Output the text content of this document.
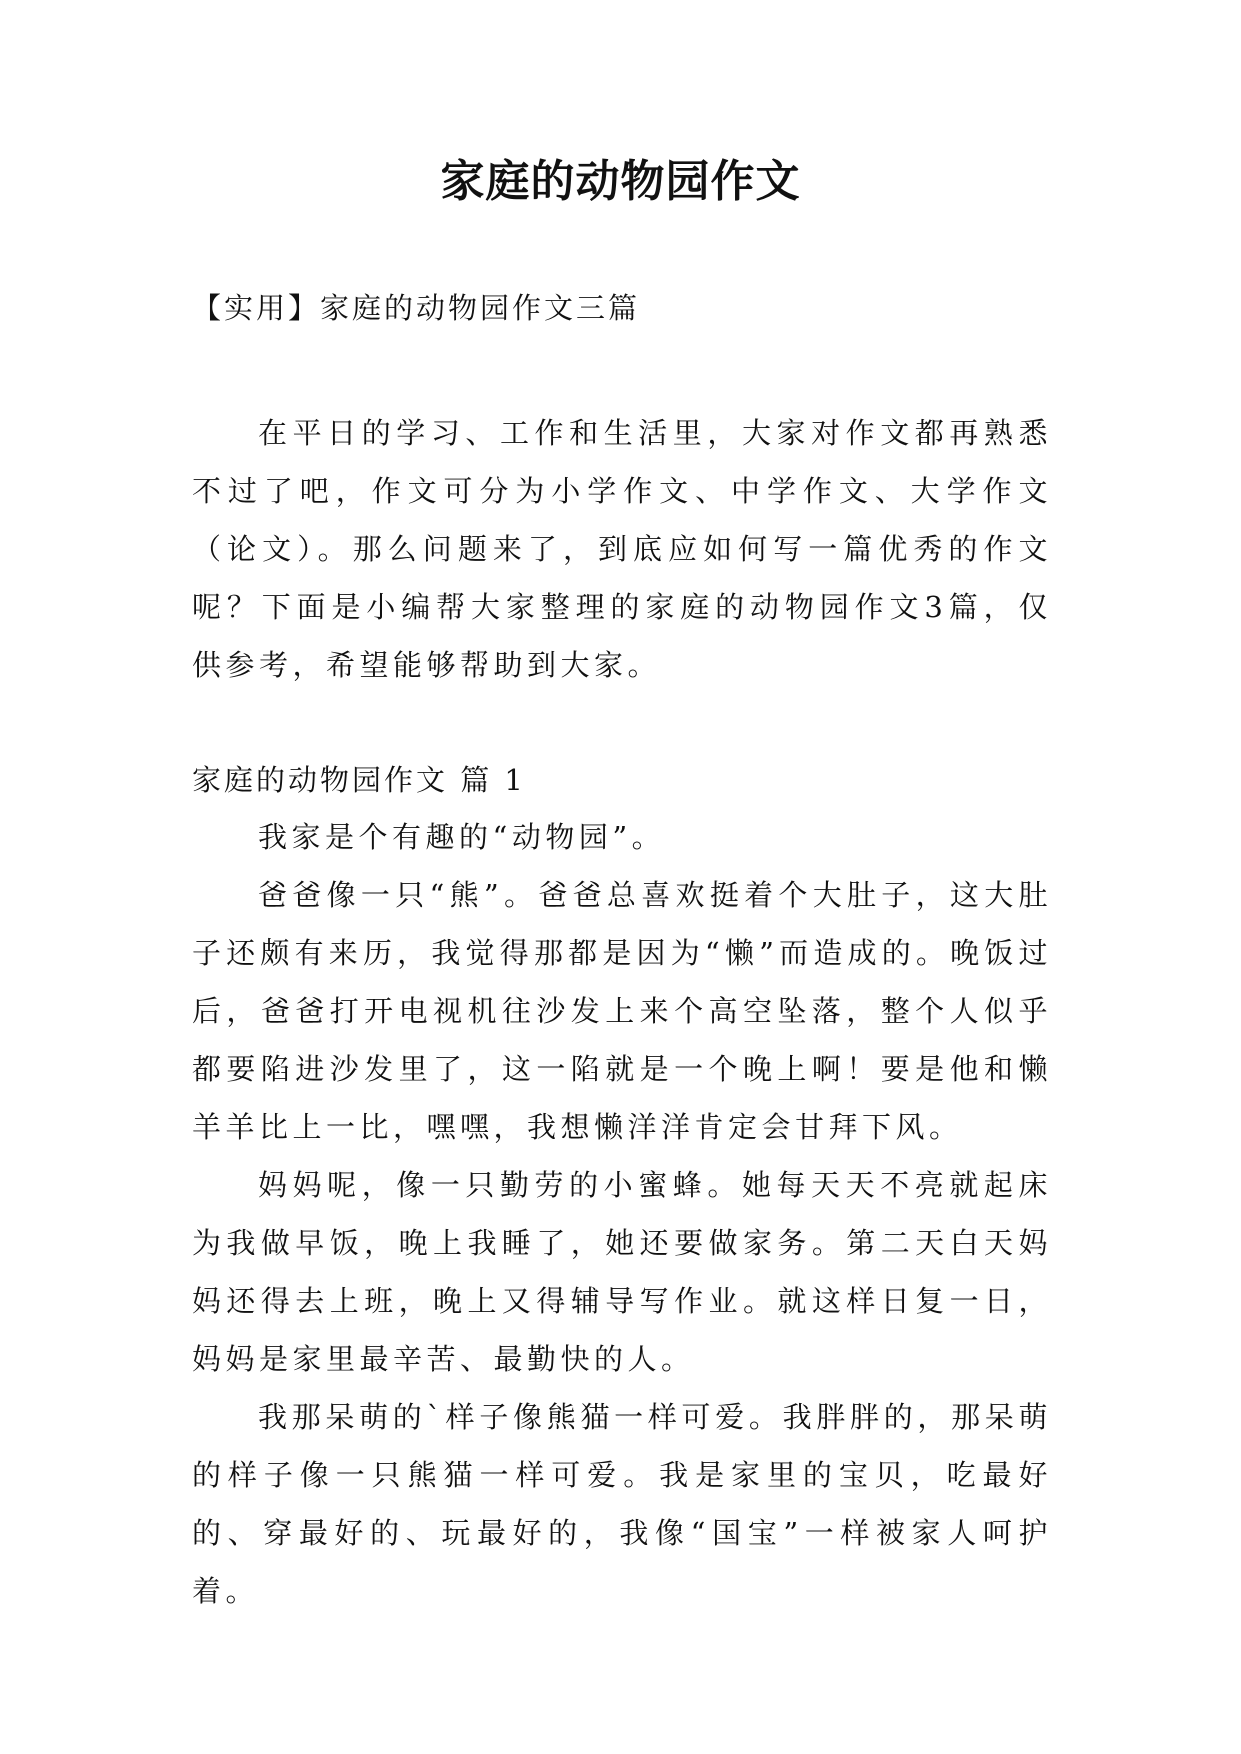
家庭的动物园作文

【实用】家庭的动物园作文三篇

在平日的学习、工作和生活里，大家对作文都再熟悉不过了吧，作文可分为小学作文、中学作文、大学作文（论文）。那么问题来了，到底应如何写一篇优秀的作文呢？下面是小编帮大家整理的家庭的动物园作文3篇，仅供参考，希望能够帮助到大家。

家庭的动物园作文 篇 1

我家是个有趣的“动物园”。

爸爸像一只“熊”。爸爸总喜欢挺着个大肚子，这大肚子还颇有来历，我觉得那都是因为“懒”而造成的。晚饭过后，爸爸打开电视机往沙发上来个高空坠落，整个人似乎都要陷进沙发里了，这一陷就是一个晚上啊！要是他和懒羊羊比上一比，嘿嘿，我想懒洋洋肯定会甘拜下风。

妈妈呢，像一只勤劳的小蜜蜂。她每天天不亮就起床为我做早饭，晚上我睡了，她还要做家务。第二天白天妈妈还得去上班，晚上又得辅导写作业。就这样日复一日，妈妈是家里最辛苦、最勤快的人。

我那呆萌的`样子像熊猫一样可爱。我胖胖的，那呆萌的样子像一只熊猫一样可爱。我是家里的宝贝，吃最好的、穿最好的、玩最好的，我像“国宝”一样被家人呵护着。
